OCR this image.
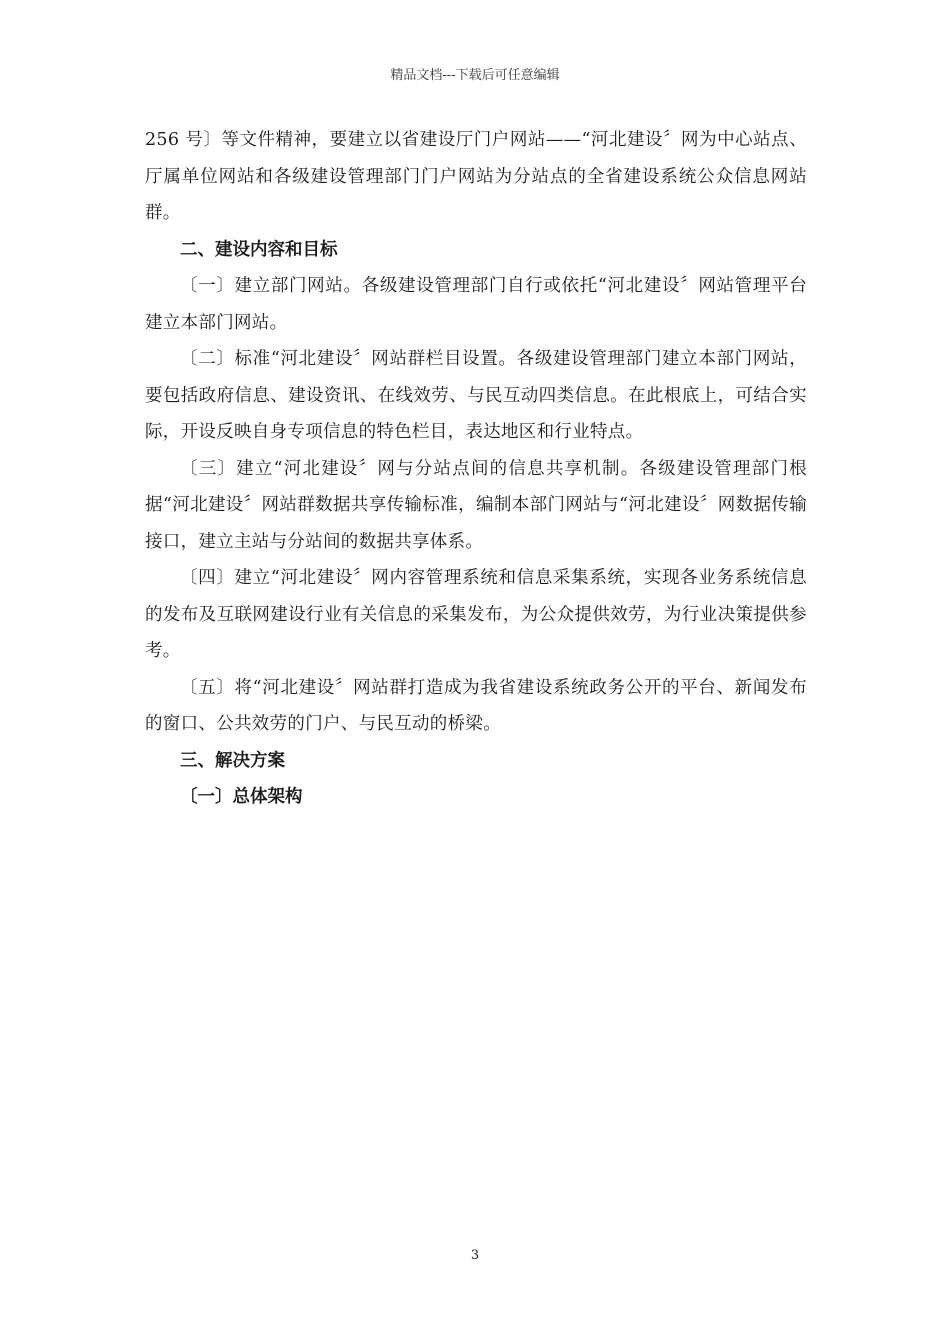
精品文档---下载后可任意编辑

256 号〕等文件精神，要建立以省建设厅门户网站——“河北建设〞网为中心站点、厅属单位网站和各级建设管理部门门户网站为分站点的全省建设系统公众信息网站群。

二、建设内容和目标

〔一〕建立部门网站。各级建设管理部门自行或依托“河北建设〞网站管理平台建立本部门网站。

〔二〕标准“河北建设〞网站群栏目设置。各级建设管理部门建立本部门网站，要包括政府信息、建设资讯、在线效劳、与民互动四类信息。在此根底上，可结合实际，开设反映自身专项信息的特色栏目，表达地区和行业特点。

〔三〕建立“河北建设〞网与分站点间的信息共享机制。各级建设管理部门根据“河北建设〞网站群数据共享传输标准，编制本部门网站与“河北建设〞网数据传输接口，建立主站与分站间的数据共享体系。

〔四〕建立“河北建设〞网内容管理系统和信息采集系统，实现各业务系统信息的发布及互联网建设行业有关信息的采集发布，为公众提供效劳，为行业决策提供参考。

〔五〕将“河北建设〞网站群打造成为我省建设系统政务公开的平台、新闻发布的窗口、公共效劳的门户、与民互动的桥梁。

三、解决方案

〔一〕总体架构

3
